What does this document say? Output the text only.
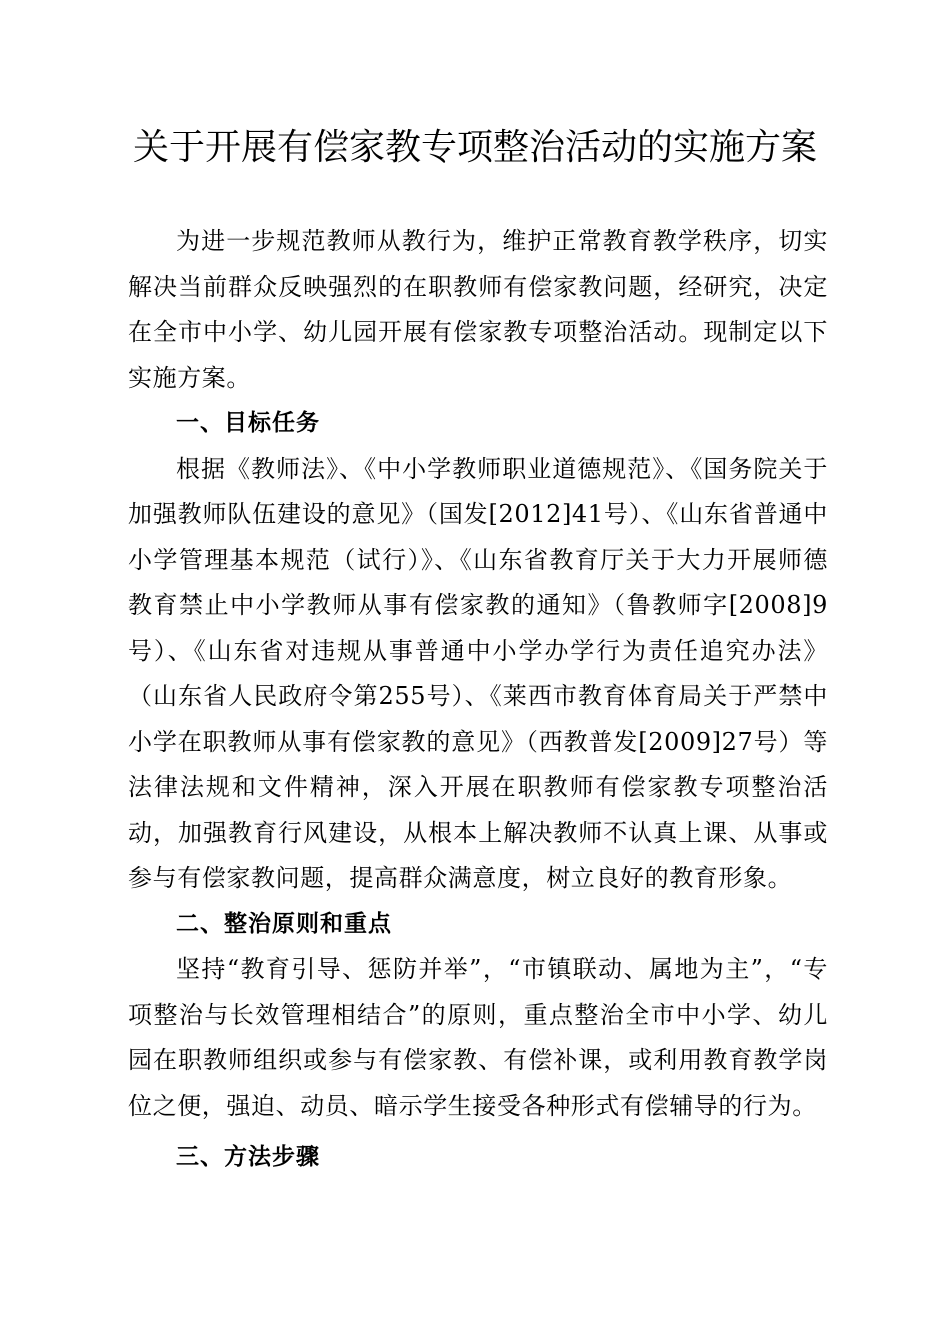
关于开展有偿家教专项整治活动的实施方案

为进一步规范教师从教行为，维护正常教育教学秩序，切实解决当前群众反映强烈的在职教师有偿家教问题，经研究，决定在全市中小学、幼儿园开展有偿家教专项整治活动。现制定以下实施方案。

一、目标任务

根据《教师法》、《中小学教师职业道德规范》、《国务院关于加强教师队伍建设的意见》（国发[2012]41号）、《山东省普通中小学管理基本规范（试行）》、《山东省教育厅关于大力开展师德教育禁止中小学教师从事有偿家教的通知》（鲁教师字[2008]9号）、《山东省对违规从事普通中小学办学行为责任追究办法》（山东省人民政府令第255号）、《莱西市教育体育局关于严禁中小学在职教师从事有偿家教的意见》（西教普发[2009]27号）等法律法规和文件精神，深入开展在职教师有偿家教专项整治活动，加强教育行风建设，从根本上解决教师不认真上课、从事或参与有偿家教问题，提高群众满意度，树立良好的教育形象。

二、整治原则和重点

坚持“教育引导、惩防并举”，“市镇联动、属地为主”，“专项整治与长效管理相结合”的原则，重点整治全市中小学、幼儿园在职教师组织或参与有偿家教、有偿补课，或利用教育教学岗位之便，强迫、动员、暗示学生接受各种形式有偿辅导的行为。

三、方法步骤
